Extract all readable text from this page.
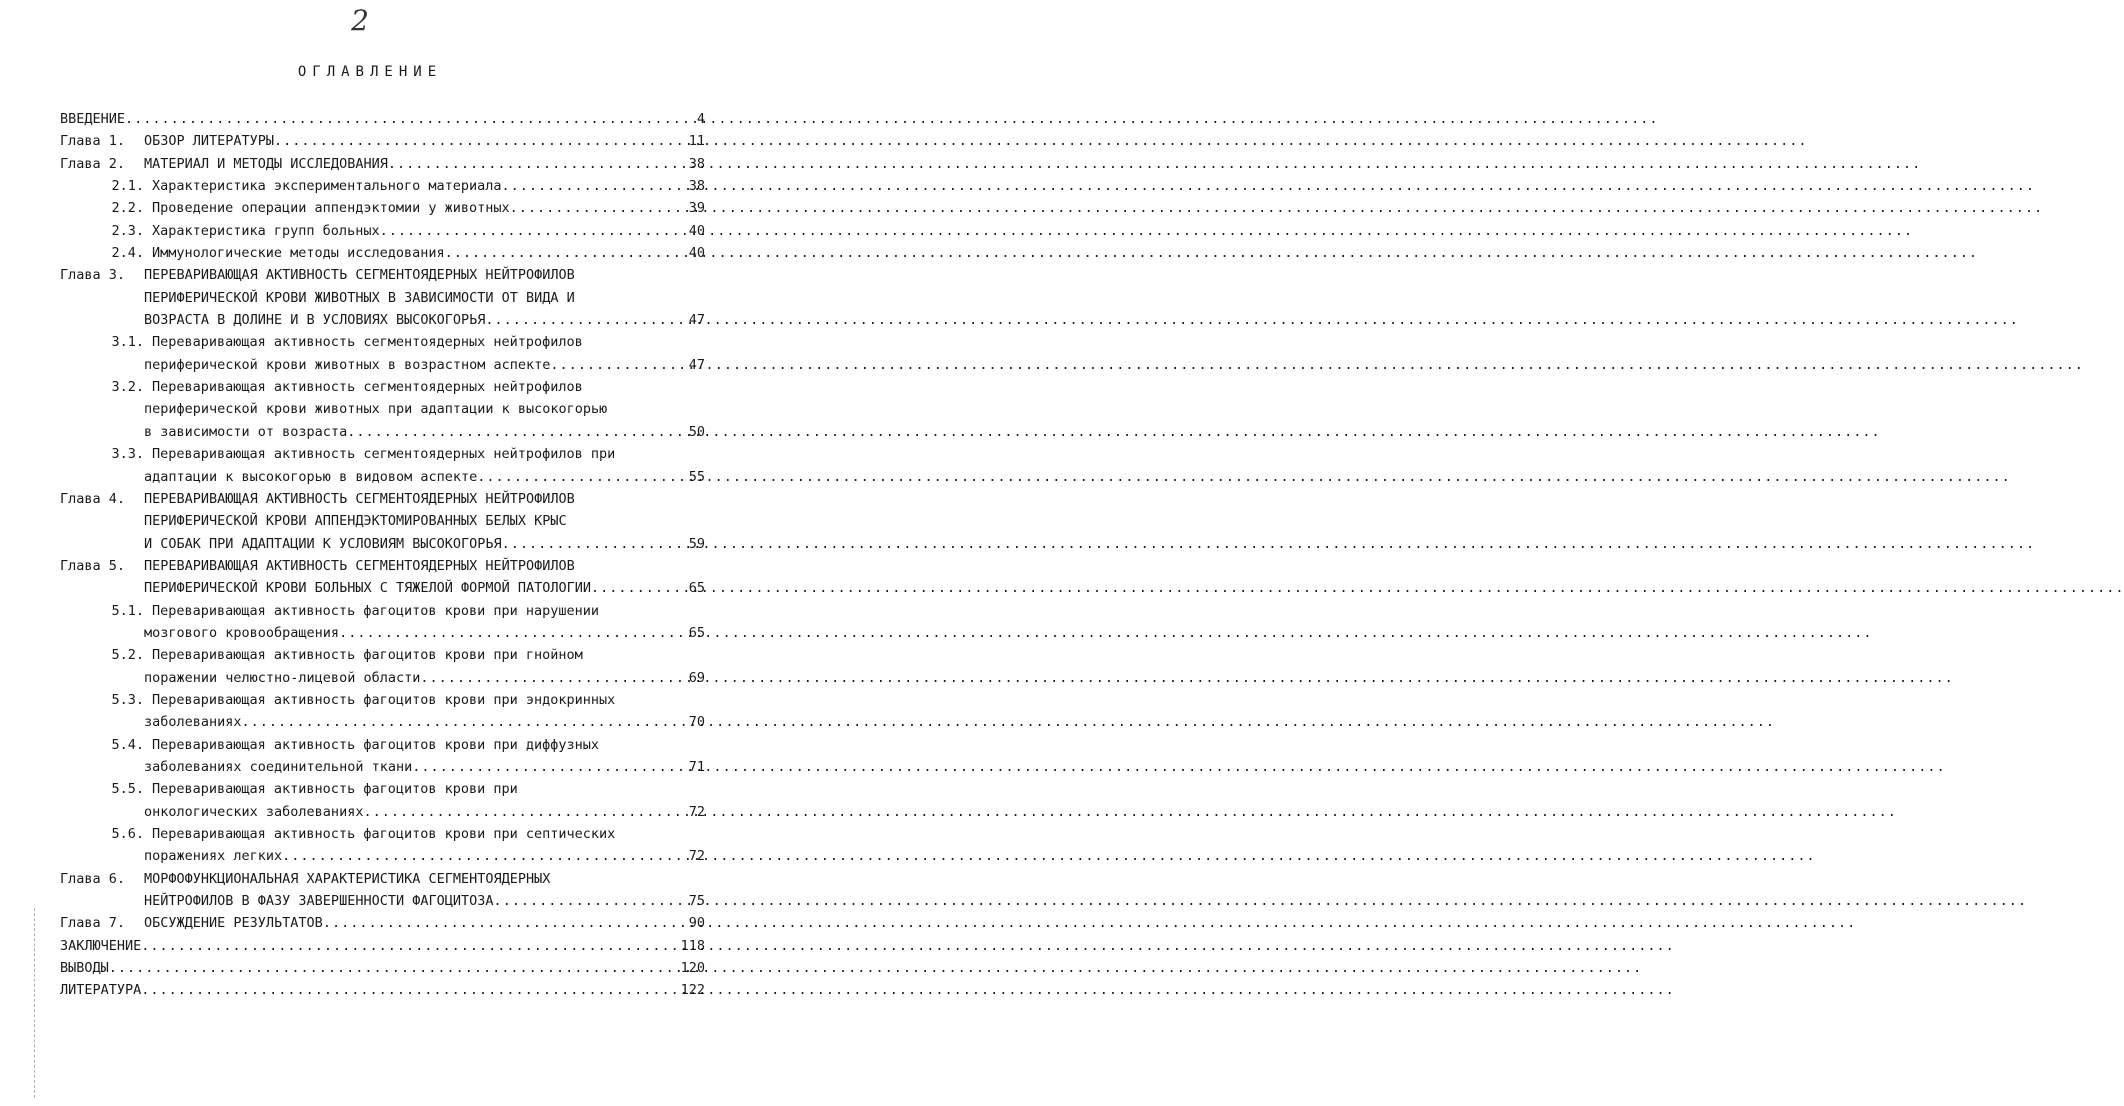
2
ОГЛАВЛЕНИЕ
ВВЕДЕНИЕ .....	4
Глава 1.	ОБЗОР ЛИТЕРАТУРЫ .....	11
Глава 2.	МАТЕРИАЛ И МЕТОДЫ ИССЛЕДОВАНИЯ .....	38
2.1. Характеристика экспериментального материала .....	38
2.2. Проведение операции аппендэктомии у животных .....	39
2.3. Характеристика групп больных .....	40
2.4. Иммунологические методы исследования .....	40
Глава 3.	ПЕРЕВАРИВАЮЩАЯ АКТИВНОСТЬ СЕГМЕНТОЯДЕРНЫХ НЕЙТРОФИЛОВ
ПЕРИФЕРИЧЕСКОЙ КРОВИ ЖИВОТНЫХ В ЗАВИСИМОСТИ ОТ ВИДА И
ВОЗРАСТА В ДОЛИНЕ И В УСЛОВИЯХ ВЫСОКОГОРЬЯ .....	47
3.1. Переваривающая активность сегментоядерных нейтрофилов
периферической крови животных в возрастном аспекте .....	47
3.2. Переваривающая активность сегментоядерных нейтрофилов
периферической крови животных при адаптации к высокогорью
в зависимости от возраста .....	50
3.3. Переваривающая активность сегментоядерных нейтрофилов при
адаптации к высокогорью в видовом аспекте .....	55
Глава 4.	ПЕРЕВАРИВАЮЩАЯ АКТИВНОСТЬ СЕГМЕНТОЯДЕРНЫХ НЕЙТРОФИЛОВ
ПЕРИФЕРИЧЕСКОЙ КРОВИ АППЕНДЭКТОМИРОВАННЫХ БЕЛЫХ КРЫС
И СОБАК ПРИ АДАПТАЦИИ К УСЛОВИЯМ ВЫСОКОГОРЬЯ .....	59
Глава 5.	ПЕРЕВАРИВАЮЩАЯ АКТИВНОСТЬ СЕГМЕНТОЯДЕРНЫХ НЕЙТРОФИЛОВ
ПЕРИФЕРИЧЕСКОЙ КРОВИ БОЛЬНЫХ С ТЯЖЕЛОЙ ФОРМОЙ ПАТОЛОГИИ .....	65
5.1. Переваривающая активность фагоцитов крови при нарушении
мозгового кровообращения .....	65
5.2. Переваривающая активность фагоцитов крови при гнойном
поражении челюстно-лицевой области .....	69
5.3. Переваривающая активность фагоцитов крови при эндокринных
заболеваниях .....	70
5.4. Переваривающая активность фагоцитов крови при диффузных
заболеваниях соединительной ткани .....	71
5.5. Переваривающая активность фагоцитов крови при
онкологических заболеваниях .....	72
5.6. Переваривающая активность фагоцитов крови при септических
поражениях легких .....	72
Глава 6.	МОРФОФУНКЦИОНАЛЬНАЯ ХАРАКТЕРИСТИКА СЕГМЕНТОЯДЕРНЫХ
НЕЙТРОФИЛОВ В ФАЗУ ЗАВЕРШЕННОСТИ ФАГОЦИТОЗА .....	75
Глава 7.	ОБСУЖДЕНИЕ РЕЗУЛЬТАТОВ .....	90
ЗАКЛЮЧЕНИЕ .....	118
ВЫВОДЫ .....	120
ЛИТЕРАТУРА .....	122
